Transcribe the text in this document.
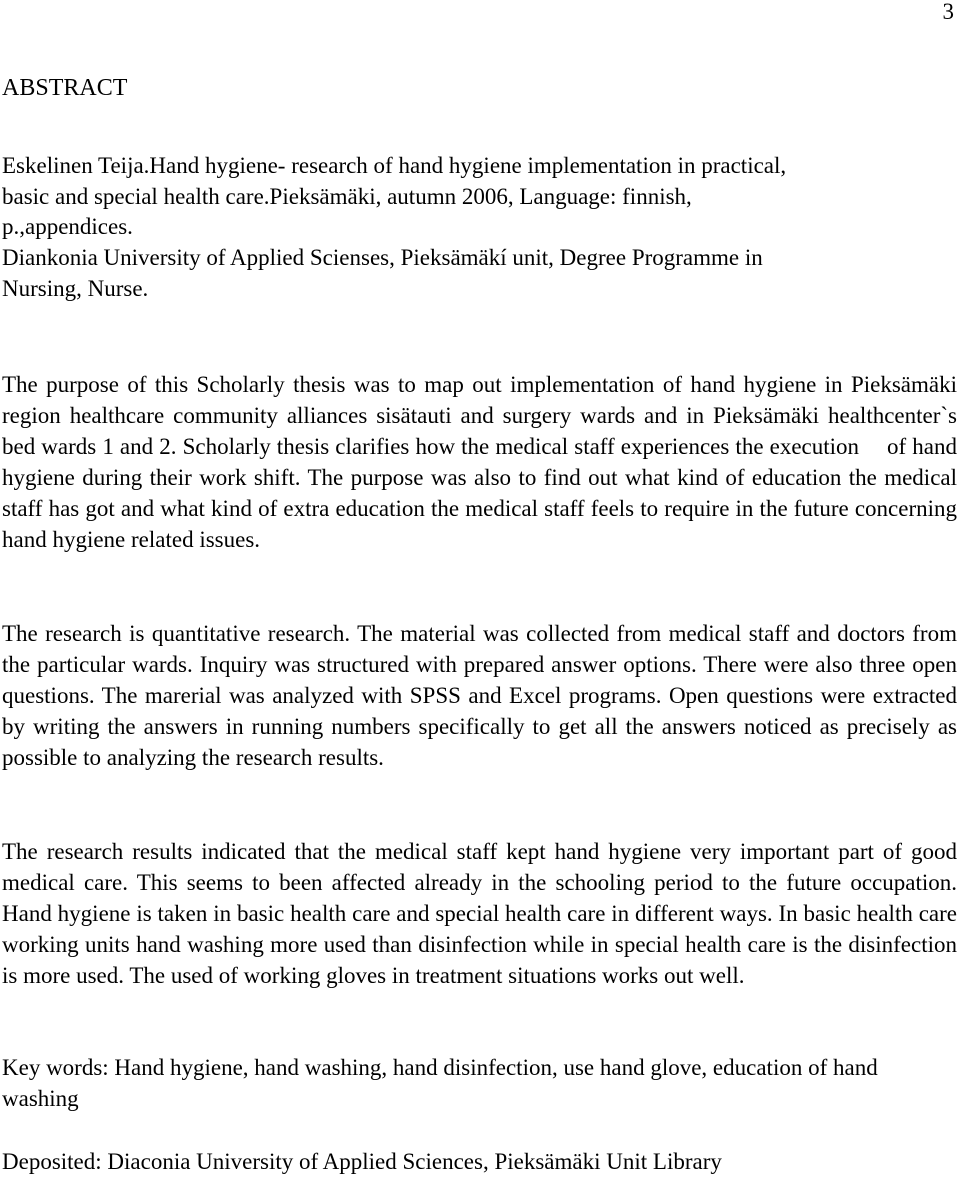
3
ABSTRACT
Eskelinen Teija.Hand hygiene- research of hand hygiene implementation in practical,
basic and special health care.Pieksämäki, autumn 2006, Language: finnish,
p.,appendices.
Diankonia University of Applied Scienses, Pieksämäkí unit, Degree Programme in
Nursing, Nurse.

The purpose of this Scholarly thesis was to map out implementation of hand hygiene in Pieksämäki region healthcare community alliances sisätauti and surgery wards and in Pieksämäki healthcenter`s bed wards 1 and 2. Scholarly thesis clarifies how the medical staff experiences the execution of hand hygiene during their work shift. The purpose was also to find out what kind of education the medical staff has got and what kind of extra education the medical staff feels to require in the future concerning hand hygiene related issues.

The research is quantitative research. The material was collected from medical staff and doctors from the particular wards. Inquiry was structured with prepared answer options. There were also three open questions. The marerial was analyzed with SPSS and Excel programs. Open questions were extracted by writing the answers in running numbers specifically to get all the answers noticed as precisely as possible to analyzing the research results.

The research results indicated that the medical staff kept hand hygiene very important part of good medical care. This seems to been affected already in the schooling period to the future occupation. Hand hygiene is taken in basic health care and special health care in different ways. In basic health care working units hand washing more used than disinfection while in special health care is the disinfection is more used. The used of working gloves in treatment situations works out well.

Key words: Hand hygiene, hand washing, hand disinfection, use hand glove, education of hand washing

Deposited: Diaconia University of Applied Sciences, Pieksämäki Unit Library
